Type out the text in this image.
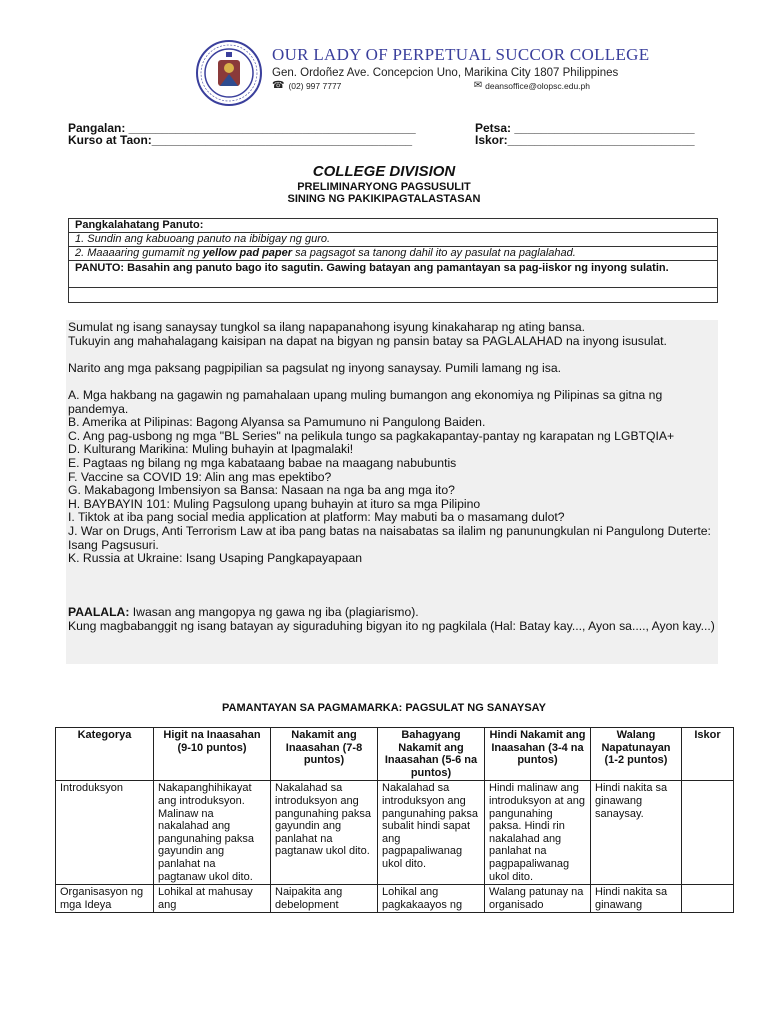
OUR LADY OF PERPETUAL SUCCOR COLLEGE
Gen. Ordoñez Ave. Concepcion Uno, Marikina City 1807 Philippines
☎ (02) 997 7777	✉ deansoffice@olopsc.edu.ph
Pangalan: ___________________________________________
Kurso at Taon:_______________________________________
Petsa: ___________________________
Iskor:____________________________
COLLEGE DIVISION
PRELIMINARYONG PAGSUSULIT
SINING NG PAKIKIPAGTALASTASAN
Pangkalahatang Panuto:
1. Sundin ang kabuoang panuto na ibibigay ng guro.
2. Maaaaring gumamit ng yellow pad paper sa pagsagot sa tanong dahil ito ay pasulat na paglalahad.
PANUTO: Basahin ang panuto bago ito sagutin. Gawing batayan ang pamantayan sa pag-iiskor ng inyong sulatin.

Sumulat ng isang sanaysay tungkol sa ilang napapanahong isyung kinakaharap ng ating bansa.

Tukuyin ang mahahalagang kaisipan na dapat na bigyan ng pansin batay sa PAGLALAHAD na inyong isusulat.

Narito ang mga paksang pagpipilian sa pagsulat ng inyong sanaysay. Pumili lamang ng isa.

A. Mga hakbang na gagawin ng pamahalaan upang muling bumangon ang ekonomiya ng Pilipinas sa gitna ng pandemya.

B. Amerika at Pilipinas: Bagong Alyansa sa Pamumuno ni Pangulong Baiden.

C. Ang pag-usbong ng mga "BL Series" na pelikula tungo sa pagkakapantay-pantay ng karapatan ng LGBTQIA+

D. Kulturang Marikina: Muling buhayin at Ipagmalaki!

E. Pagtaas ng bilang ng mga kabataang babae na maagang nabubuntis

F. Vaccine sa COVID 19: Alin ang mas epektibo?

G. Makabagong Imbensiyon sa Bansa: Nasaan na nga ba ang mga ito?

H. BAYBAYIN 101: Muling Pagsulong upang buhayin at ituro sa mga Pilipino

I. Tiktok at iba pang social media application at platform: May mabuti ba o masamang dulot?

J. War on Drugs, Anti Terrorism Law at iba pang batas na naisabatas sa ilalim ng panunungkulan ni Pangulong Duterte: Isang Pagsusuri.

K. Russia at Ukraine: Isang Usaping Pangkapayapaan

PAALALA: Iwasan ang mangopya ng gawa ng iba (plagiarismo).

Kung magbabanggit ng isang batayan ay siguraduhing bigyan ito ng pagkilala (Hal: Batay kay..., Ayon sa...., Ayon kay...)

PAMANTAYAN SA PAGMAMARKA: PAGSULAT NG SANAYSAY
Kategorya	Higit na Inaasahan (9-10 puntos)	Nakamit ang Inaasahan (7-8 puntos)	Bahagyang Nakamit ang Inaasahan (5-6 na puntos)	Hindi Nakamit ang Inaasahan (3-4 na puntos)	Walang Napatunayan (1-2 puntos)	Iskor
Introduksyon	Nakapanghihikayat ang introduksyon. Malinaw na nakalahad ang pangunahing paksa gayundin ang panlahat na pagtanaw ukol dito.	Nakalahad sa introduksyon ang pangunahing paksa gayundin ang panlahat na pagtanaw ukol dito.	Nakalahad sa introduksyon ang pangunahing paksa subalit hindi sapat ang pagpapaliwanag ukol dito.	Hindi malinaw ang introduksyon at ang pangunahing paksa. Hindi rin nakalahad ang panlahat na pagpapaliwanag ukol dito.	Hindi nakita sa ginawang sanaysay.	
Organisasyon ng mga Ideya	Lohikal at mahusay ang	Naipakita ang debelopment	Lohikal ang pagkakaayos ng	Walang patunay na organisado	Hindi nakita sa ginawang	
